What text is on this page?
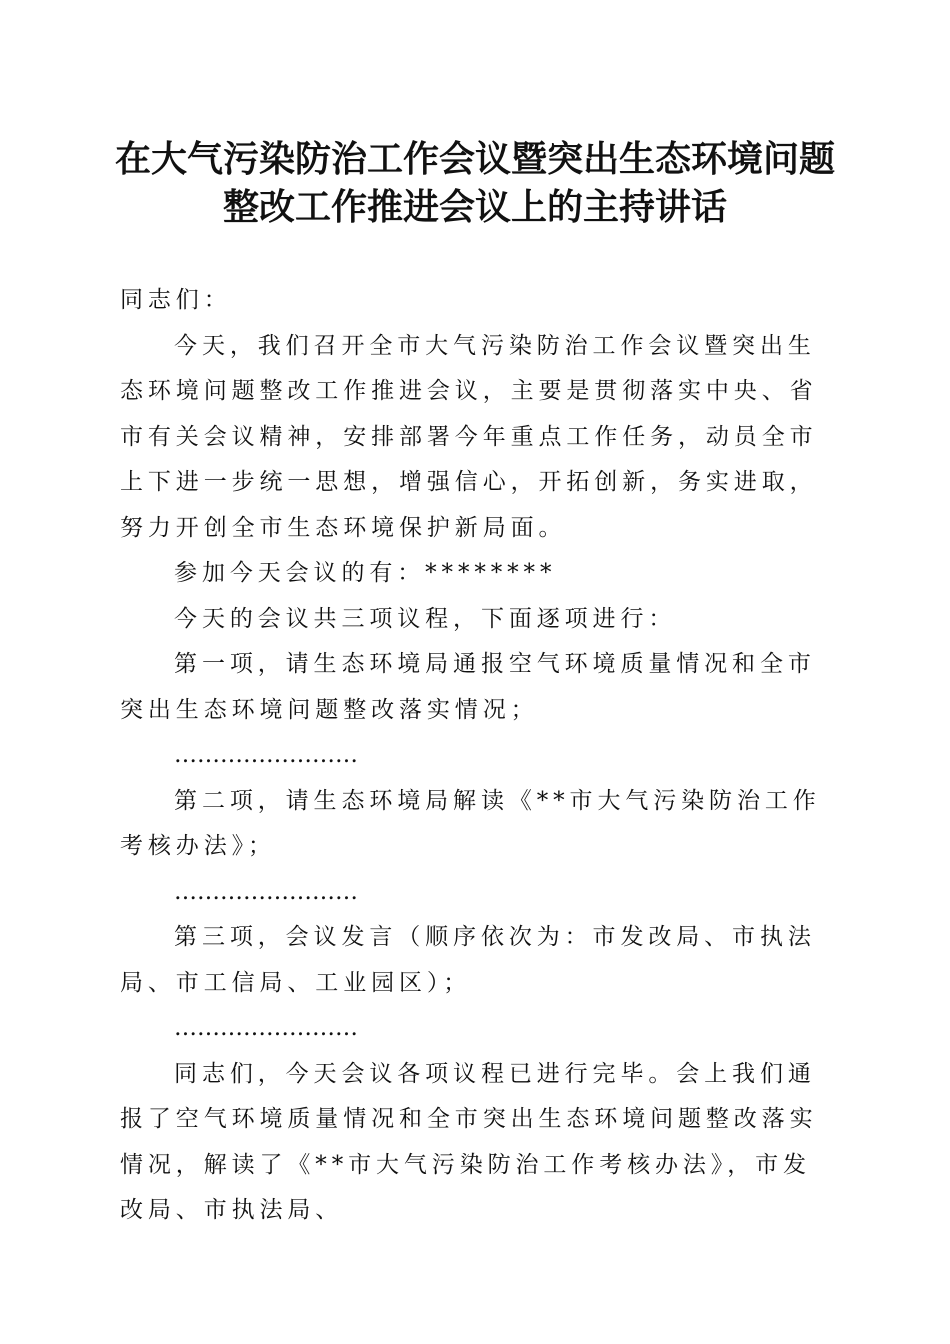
在大气污染防治工作会议暨突出生态环境问题
整改工作推进会议上的主持讲话

同志们：

今天，我们召开全市大气污染防治工作会议暨突出生态环境问题整改工作推进会议，主要是贯彻落实中央、省市有关会议精神，安排部署今年重点工作任务，动员全市上下进一步统一思想，增强信心，开拓创新，务实进取，努力开创全市生态环境保护新局面。

参加今天会议的有：********

今天的会议共三项议程，下面逐项进行：

第一项，请生态环境局通报空气环境质量情况和全市突出生态环境问题整改落实情况；

……………………

第二项，请生态环境局解读《**市大气污染防治工作考核办法》；

……………………

第三项，会议发言（顺序依次为：市发改局、市执法局、市工信局、工业园区）；

……………………

同志们，今天会议各项议程已进行完毕。会上我们通报了空气环境质量情况和全市突出生态环境问题整改落实情况，解读了《**市大气污染防治工作考核办法》，市发改局、市执法局、
